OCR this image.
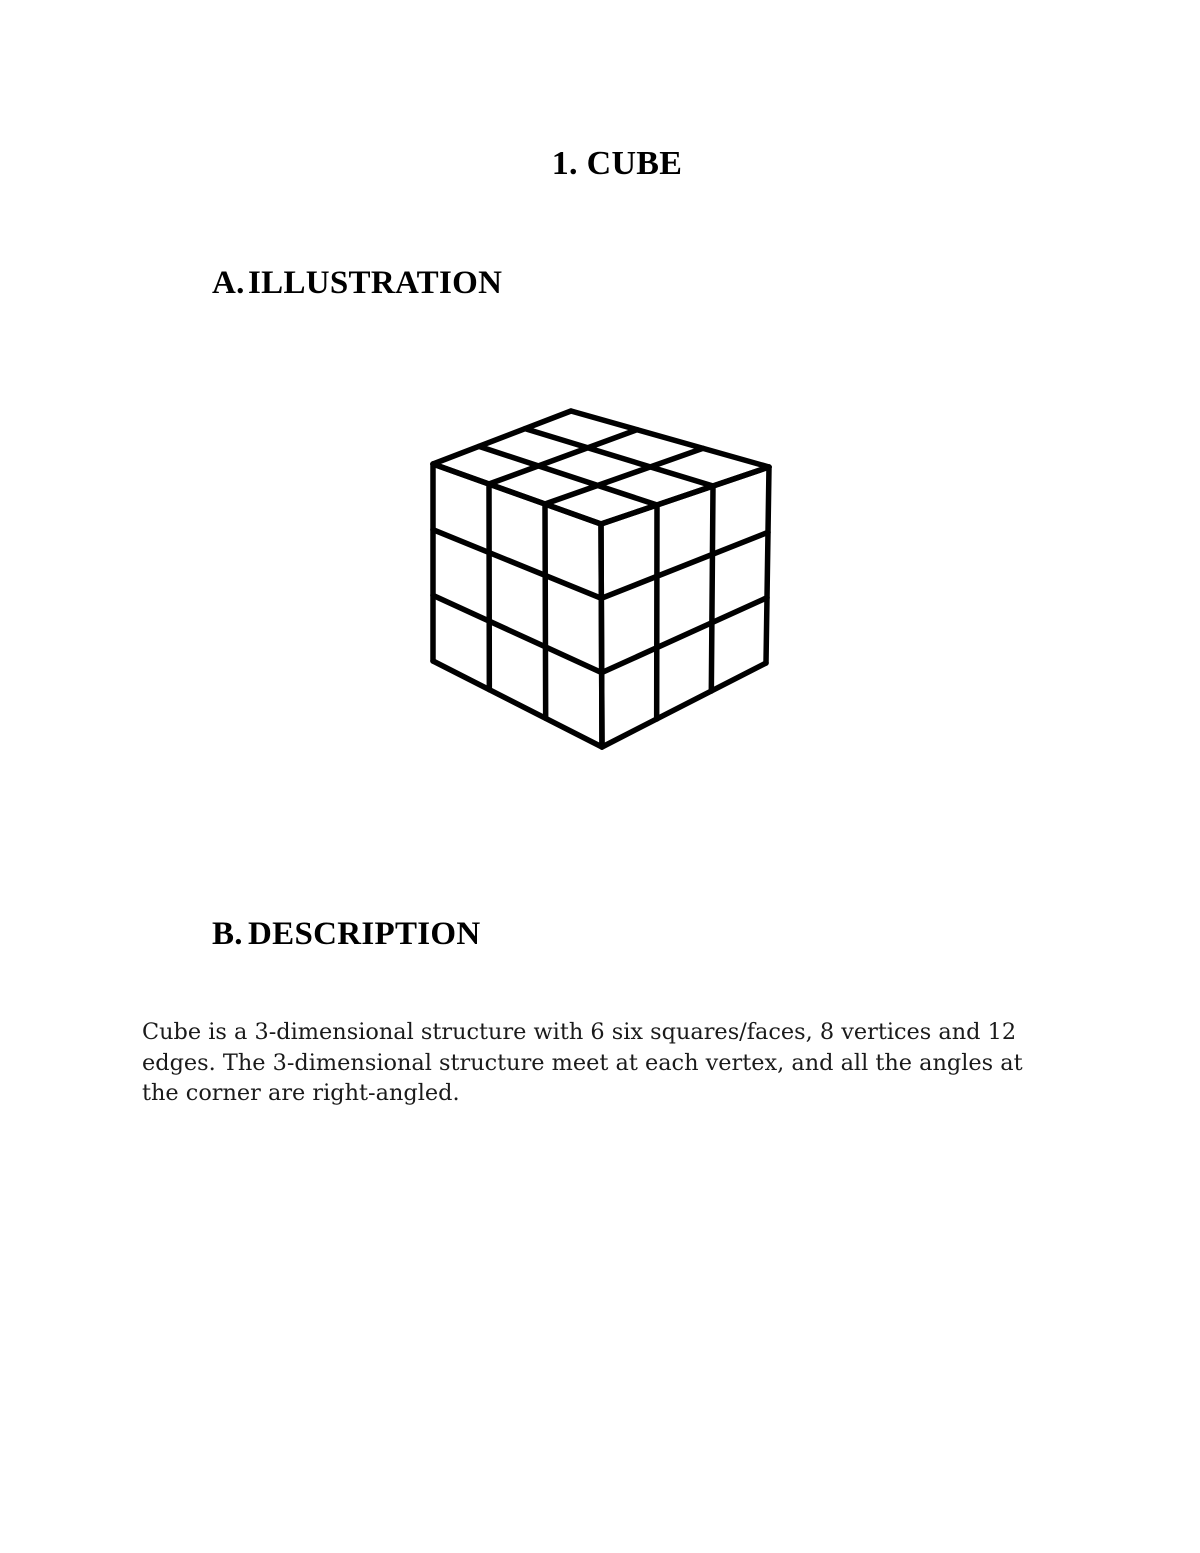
1. CUBE
A. ILLUSTRATION
B. DESCRIPTION

Cube is a 3-dimensional structure with 6 six squares/faces, 8 vertices and 12 edges. The 3-dimensional structure meet at each vertex, and all the angles at the corner are right-angled.
